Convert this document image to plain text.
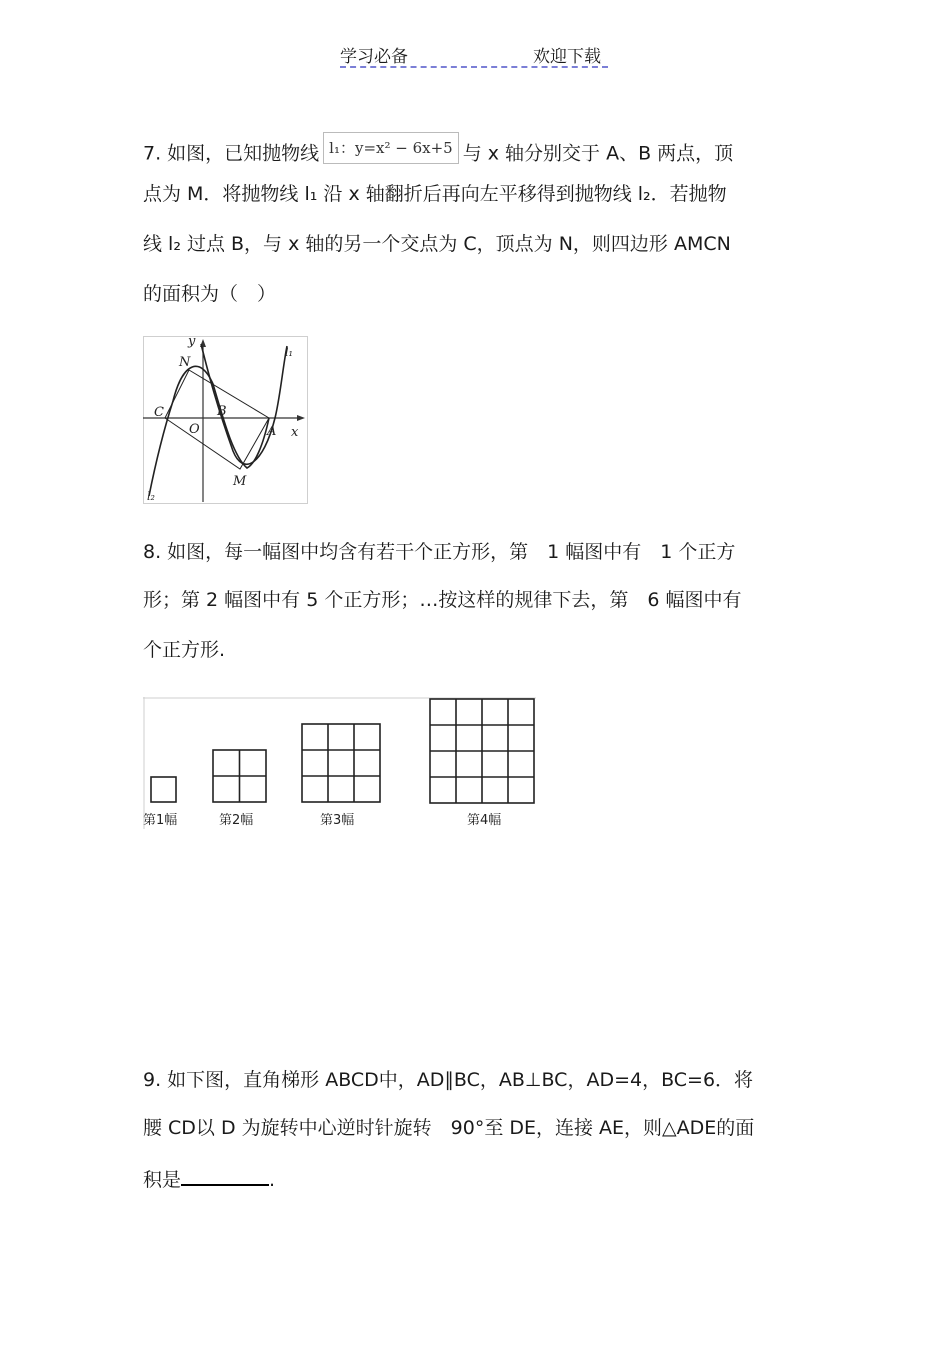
学习必备	欢迎下载
7. 如图，已知抛物线 l₁：y=x² − 6x+5 与 x 轴分别交于 A、B 两点，顶
点为 M．将抛物线 l₁ 沿 x 轴翻折后再向左平移得到抛物线 l₂．若抛物
线 l₂ 过点 B，与 x 轴的另一个交点为 C，顶点为 N，则四边形 AMCN
的面积为（　）
y
x
N
C	B
O	A
M
l₁
l₂
8. 如图，每一幅图中均含有若干个正方形，第　1 幅图中有　1 个正方
形；第 2 幅图中有 5 个正方形；…按这样的规律下去，第　6 幅图中有
个正方形.
第1幅	第2幅	第3幅	第4幅
9. 如下图，直角梯形 ABCD中，AD∥BC，AB⊥BC，AD=4，BC=6．将
腰 CD以 D 为旋转中心逆时针旋转　90°至 DE，连接 AE，则△ADE的面
积是	.
